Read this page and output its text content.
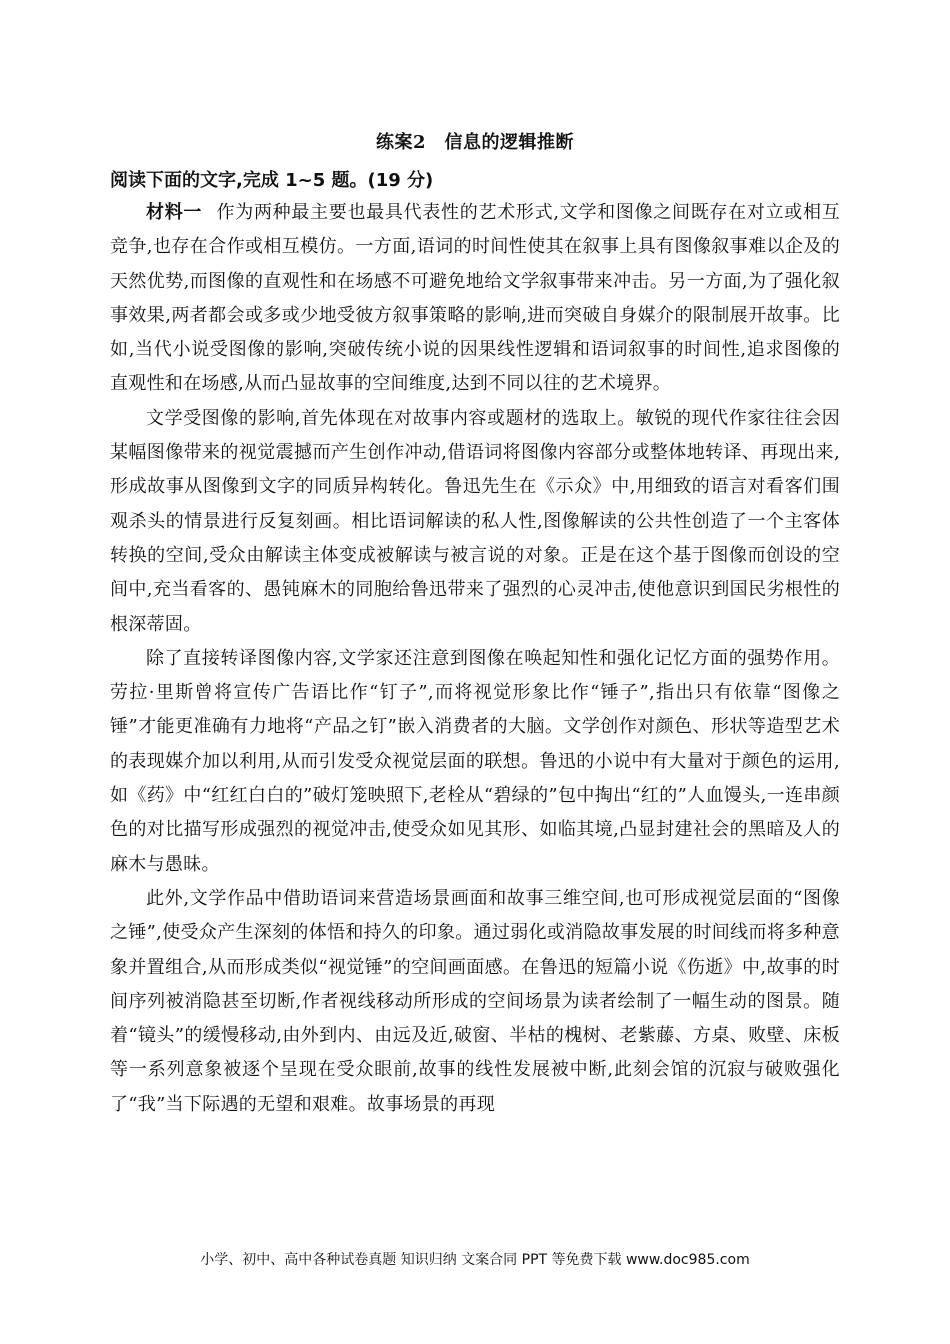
练案2　信息的逻辑推断
阅读下面的文字,完成 1~5 题。(19 分)

材料一 作为两种最主要也最具代表性的艺术形式,文学和图像之间既存在对立或相互竞争,也存在合作或相互模仿。一方面,语词的时间性使其在叙事上具有图像叙事难以企及的天然优势,而图像的直观性和在场感不可避免地给文学叙事带来冲击。另一方面,为了强化叙事效果,两者都会或多或少地受彼方叙事策略的影响,进而突破自身媒介的限制展开故事。比如,当代小说受图像的影响,突破传统小说的因果线性逻辑和语词叙事的时间性,追求图像的直观性和在场感,从而凸显故事的空间维度,达到不同以往的艺术境界。

文学受图像的影响,首先体现在对故事内容或题材的选取上。敏锐的现代作家往往会因某幅图像带来的视觉震撼而产生创作冲动,借语词将图像内容部分或整体地转译、再现出来,形成故事从图像到文字的同质异构转化。鲁迅先生在《示众》中,用细致的语言对看客们围观杀头的情景进行反复刻画。相比语词解读的私人性,图像解读的公共性创造了一个主客体转换的空间,受众由解读主体变成被解读与被言说的对象。正是在这个基于图像而创设的空间中,充当看客的、愚钝麻木的同胞给鲁迅带来了强烈的心灵冲击,使他意识到国民劣根性的根深蒂固。

除了直接转译图像内容,文学家还注意到图像在唤起知性和强化记忆方面的强势作用。劳拉·里斯曾将宣传广告语比作“钉子”,而将视觉形象比作“锤子”,指出只有依靠“图像之锤”才能更准确有力地将“产品之钉”嵌入消费者的大脑。文学创作对颜色、形状等造型艺术的表现媒介加以利用,从而引发受众视觉层面的联想。鲁迅的小说中有大量对于颜色的运用,如《药》中“红红白白的”破灯笼映照下,老栓从“碧绿的”包中掏出“红的”人血馒头,一连串颜色的对比描写形成强烈的视觉冲击,使受众如见其形、如临其境,凸显封建社会的黑暗及人的麻木与愚昧。

此外,文学作品中借助语词来营造场景画面和故事三维空间,也可形成视觉层面的“图像之锤”,使受众产生深刻的体悟和持久的印象。通过弱化或消隐故事发展的时间线而将多种意象并置组合,从而形成类似“视觉锤”的空间画面感。在鲁迅的短篇小说《伤逝》中,故事的时间序列被消隐甚至切断,作者视线移动所形成的空间场景为读者绘制了一幅生动的图景。随着“镜头”的缓慢移动,由外到内、由远及近,破窗、半枯的槐树、老紫藤、方桌、败壁、床板等一系列意象被逐个呈现在受众眼前,故事的线性发展被中断,此刻会馆的沉寂与破败强化了“我”当下际遇的无望和艰难。故事场景的再现

小学、初中、高中各种试卷真题 知识归纳 文案合同 PPT 等免费下载 www.doc985.com
